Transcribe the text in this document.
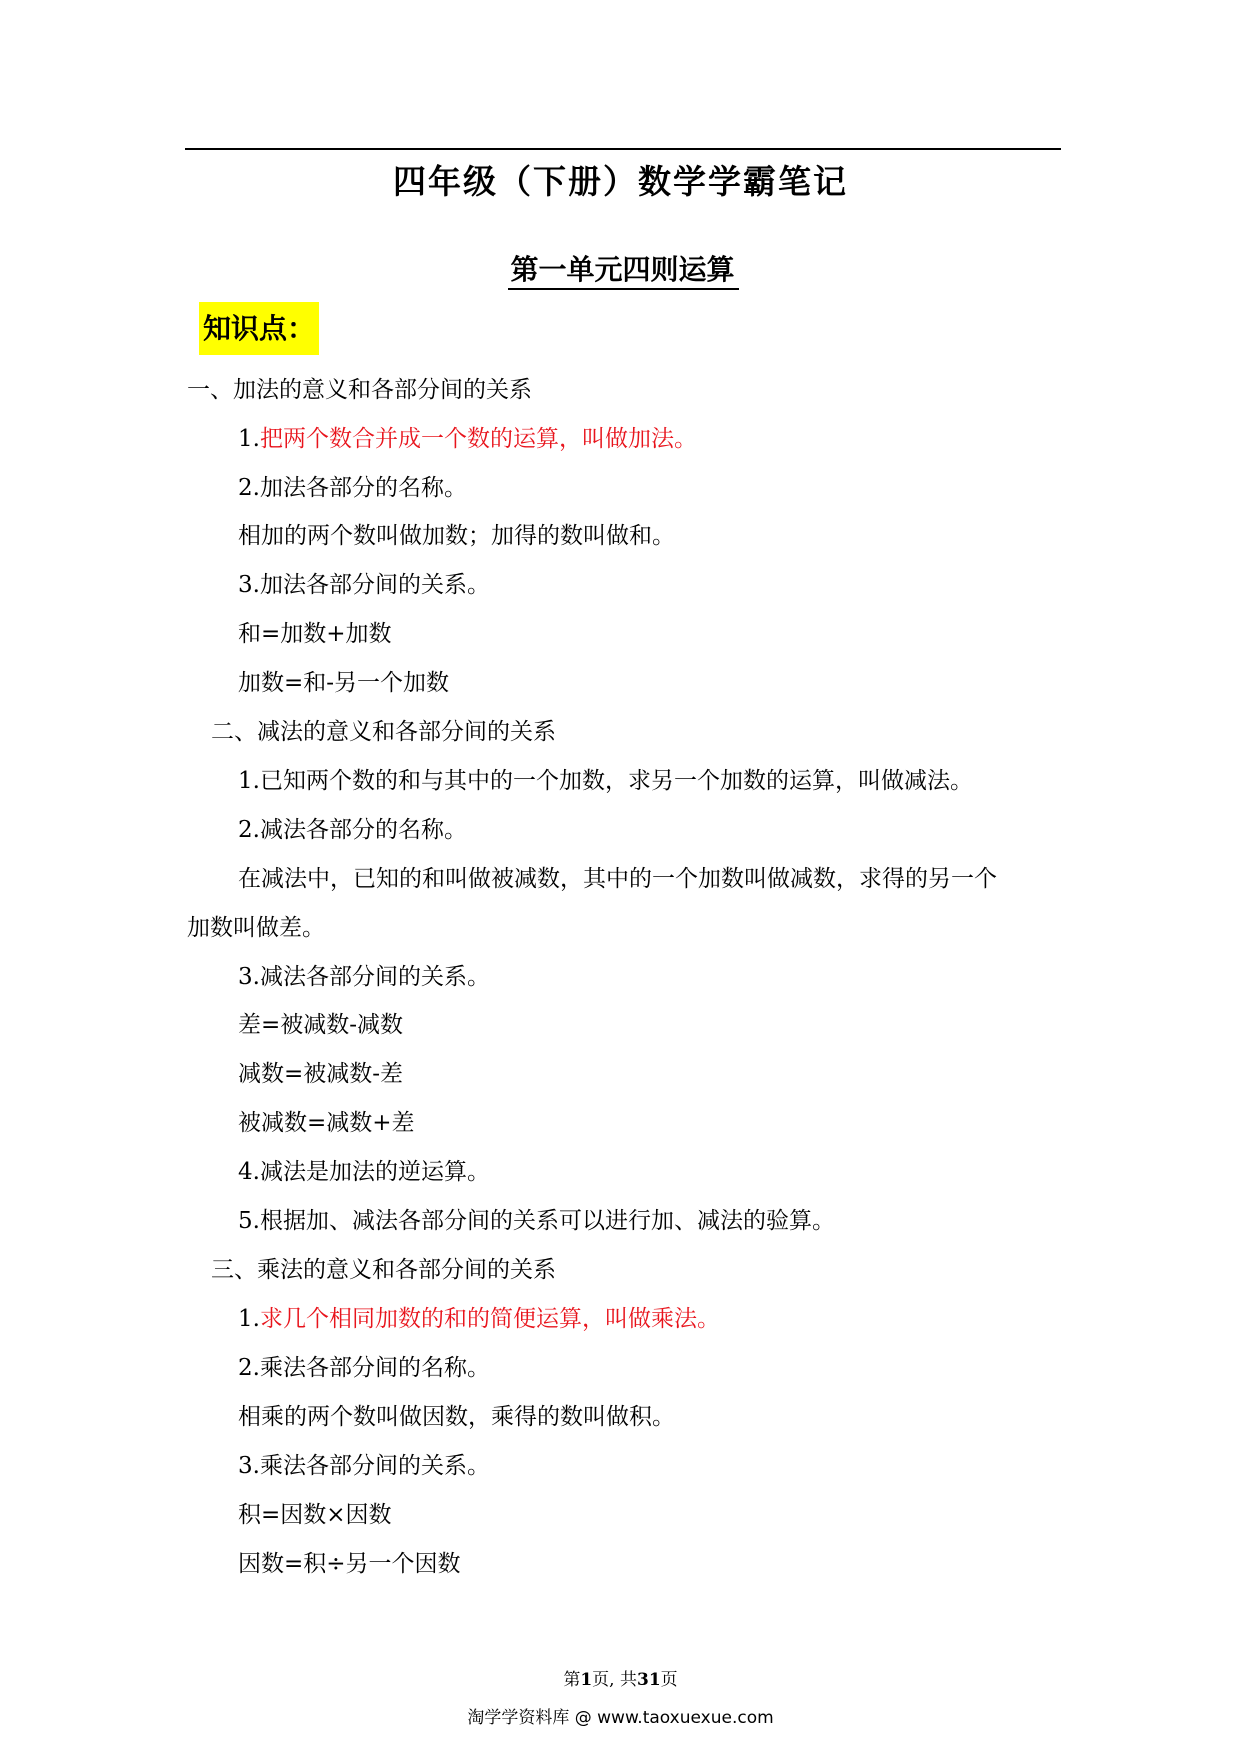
四年级（下册）数学学霸笔记
第一单元四则运算
知识点：
一、加法的意义和各部分间的关系
1.把两个数合并成一个数的运算，叫做加法。
2.加法各部分的名称。
相加的两个数叫做加数；加得的数叫做和。
3.加法各部分间的关系。
和=加数+加数
加数=和-另一个加数
二、减法的意义和各部分间的关系
1.已知两个数的和与其中的一个加数，求另一个加数的运算，叫做减法。
2.减法各部分的名称。
在减法中，已知的和叫做被减数，其中的一个加数叫做减数，求得的另一个
加数叫做差。
3.减法各部分间的关系。
差=被减数-减数
减数=被减数-差
被减数=减数+差
4.减法是加法的逆运算。
5.根据加、减法各部分间的关系可以进行加、减法的验算。
三、乘法的意义和各部分间的关系
1.求几个相同加数的和的简便运算，叫做乘法。
2.乘法各部分间的名称。
相乘的两个数叫做因数，乘得的数叫做积。
3.乘法各部分间的关系。
积=因数×因数
因数=积÷另一个因数
第1页, 共31页
淘学学资料库 @ www.taoxuexue.com
